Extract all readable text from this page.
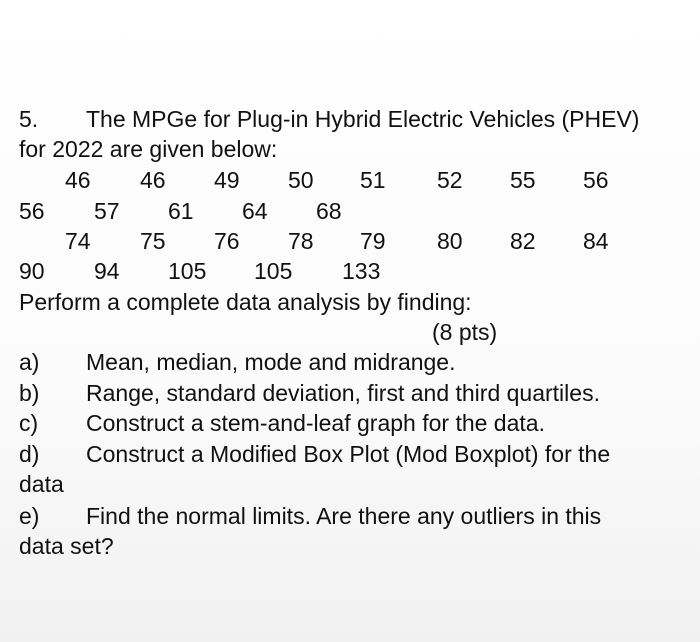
5. The MPGe for Plug-in Hybrid Electric Vehicles (PHEV)
for 2022 are given below:
46 46 49 50 51 52 55 56
56 57 61 64 68
74 75 76 78 79 80 82 84
90 94 105 105 133
Perform a complete data analysis by finding:
(8 pts)
a) Mean, median, mode and midrange.
b) Range, standard deviation, first and third quartiles.
c) Construct a stem-and-leaf graph for the data.
d) Construct a Modified Box Plot (Mod Boxplot) for the
data
e) Find the normal limits. Are there any outliers in this
data set?
